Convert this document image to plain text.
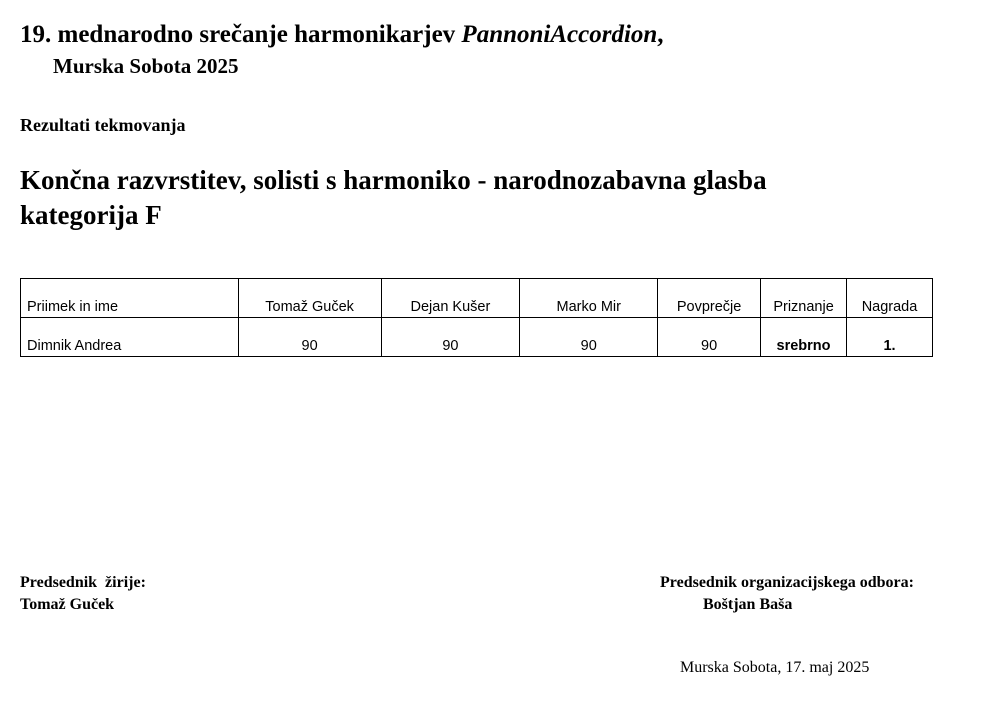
19. mednarodno srečanje harmonikarjev PannoniAccordion,
Murska Sobota 2025
Rezultati tekmovanja
Končna razvrstitev, solisti s harmoniko - narodnozabavna glasba
kategorija F
Priimek in ime	Tomaž Guček	Dejan Kušer	Marko Mir	Povprečje	Priznanje	Nagrada
Dimnik Andrea	90	90	90	90	srebrno	1.
Predsednik  žirije:
Tomaž Guček
Predsednik organizacijskega odbora:
Boštjan Baša
Murska Sobota, 17. maj 2025
